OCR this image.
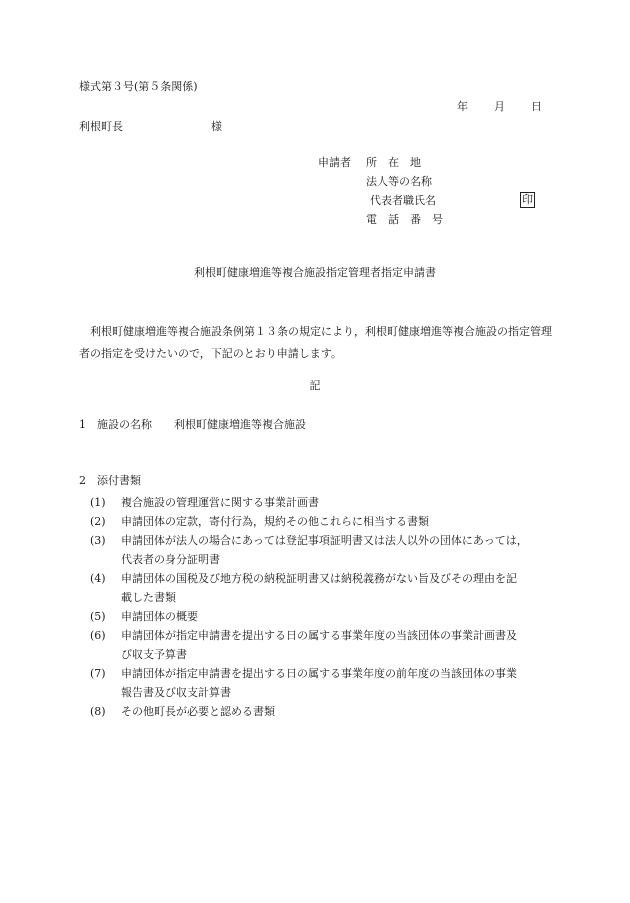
様式第３号(第５条関係)
年 月 日
利根町長	様
申請者 所　在　地
法人等の名称
代表者職氏名
電　話　番　号
印
利根町健康増進等複合施設指定管理者指定申請書
利根町健康増進等複合施設条例第１３条の規定により，利根町健康増進等複合施設の指定管理者の指定を受けたいので，下記のとおり申請します。
記
1 施設の名称 利根町健康増進等複合施設
2 添付書類
(1) 複合施設の管理運営に関する事業計画書
(2) 申請団体の定款，寄付行為，規約その他これらに相当する書類
(3) 申請団体が法人の場合にあっては登記事項証明書又は法人以外の団体にあっては，
代表者の身分証明書
(4) 申請団体の国税及び地方税の納税証明書又は納税義務がない旨及びその理由を記
載した書類
(5) 申請団体の概要
(6) 申請団体が指定申請書を提出する日の属する事業年度の当該団体の事業計画書及
び収支予算書
(7) 申請団体が指定申請書を提出する日の属する事業年度の前年度の当該団体の事業
報告書及び収支計算書
(8) その他町長が必要と認める書類
